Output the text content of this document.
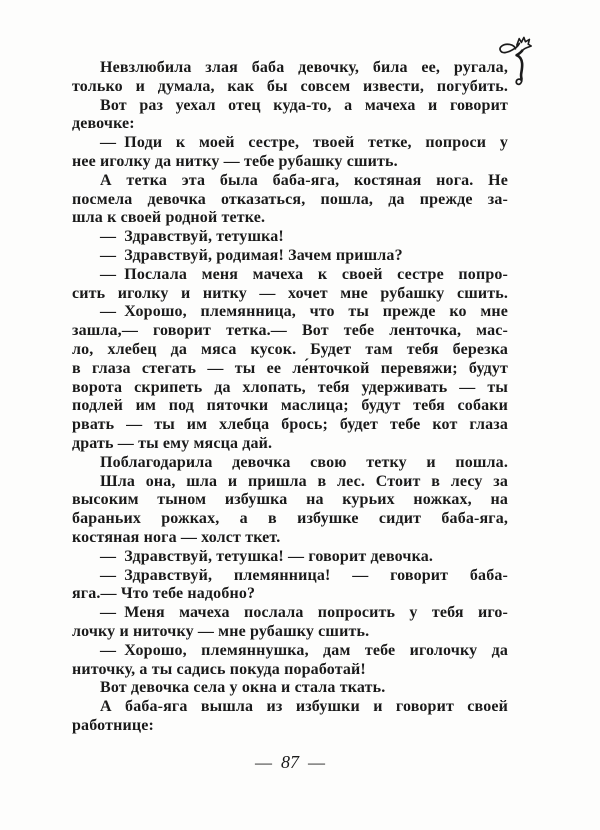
Невзлюбила злая баба девочку, била ее, ругала,
только и думала, как бы совсем извести, погубить.

Вот раз уехал отец куда-то, а мачеха и говорит
девочке:

— Поди к моей сестре, твоей тетке, попроси у
нее иголку да нитку — тебе рубашку сшить.

А тетка эта была баба-яга, костяная нога. Не
посмела девочка отказаться, пошла, да прежде за-
шла к своей родной тетке.

— Здравствуй, тетушка!

— Здравствуй, родимая! Зачем пришла?

— Послала меня мачеха к своей сестре попро-
сить иголку и нитку — хочет мне рубашку сшить.

— Хорошо, племянница, что ты прежде ко мне
зашла,— говорит тетка.— Вот тебе ленточка, мас-
ло, хлебец да мяса кусок. Будет там тебя березка
в глаза стегать — ты ее ле́нточкой перевяжи; будут
ворота скрипеть да хлопать, тебя удерживать — ты
подлей им под пяточки маслица; будут тебя собаки
рвать — ты им хлебца брось; будет тебе кот глаза
драть — ты ему мясца дай.

Поблагодарила девочка свою тетку и пошла.

Шла она, шла и пришла в лес. Стоит в лесу за
высоким тыном избушка на курьих ножках, на
бараньих рожках, а в избушке сидит баба-яга,
костяная нога — холст ткет.

— Здравствуй, тетушка! — говорит девочка.

— Здравствуй, племянница! — говорит баба-
яга.— Что тебе надобно?

— Меня мачеха послала попросить у тебя иго-
лочку и ниточку — мне рубашку сшить.

— Хорошо, племяннушка, дам тебе иголочку да
ниточку, а ты садись покуда поработай!

Вот девочка села у окна и стала ткать.

А баба-яга вышла из избушки и говорит своей
работнице:

— 87 —
